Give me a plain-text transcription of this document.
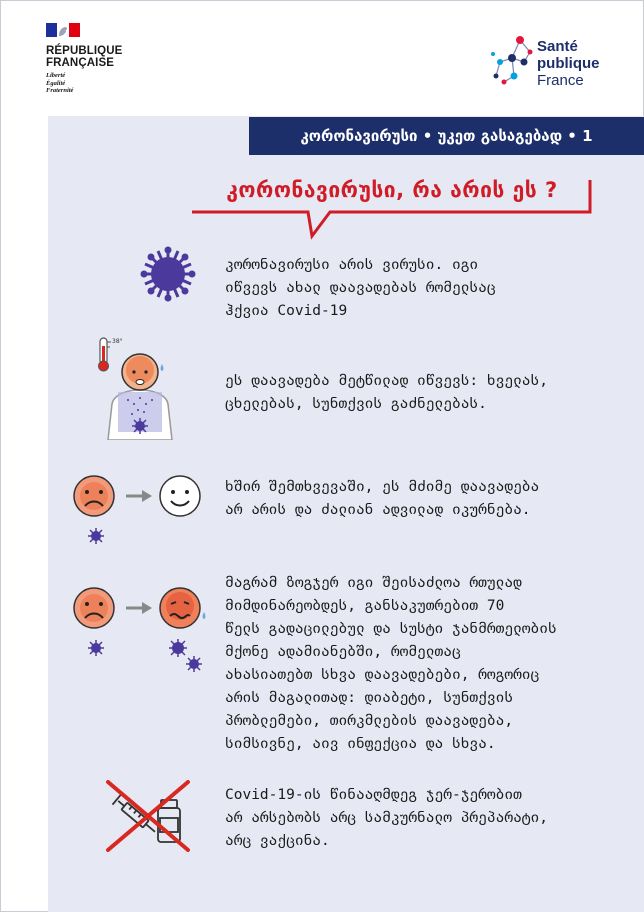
RÉPUBLIQUE
FRANÇAISE
Liberté
Égalité
Fraternité
Santé
publique
France
კორონავირუსი • უკეთ გასაგებად • 1
კორონავირუსი, რა არის ეს ?
კორონავირუსი არის ვირუსი. იგი
იწვევს ახალ დაავადებას რომელსაც
ჰქვია Covid-19
38°
ეს დაავადება მეტწილად იწვევს: ხველას,
ცხელებას, სუნთქვის გაძნელებას.
ხშირ შემთხვევაში, ეს მძიმე დაავადება
არ არის და ძალიან ადვილად იკურნება.
მაგრამ ზოგჯერ იგი შეისაძლოა რთულად
მიმდინარეობდეს, განსაკუთრებით 70
წელს გადაცილებულ და სუსტი ჯანმრთელობის
მქონე ადამიანებში, რომელთაც
ახასიათებთ სხვა დაავადებები, როგორიც
არის მაგალითად: დიაბეტი, სუნთქვის
პრობლემები, თირკმლების დაავადება,
სიმსივნე, აივ ინფექცია და სხვა.
Covid-19-ის წინააღმდეგ ჯერ-ჯერობით
არ არსებობს არც სამკურნალო პრეპარატი,
არც ვაქცინა.
